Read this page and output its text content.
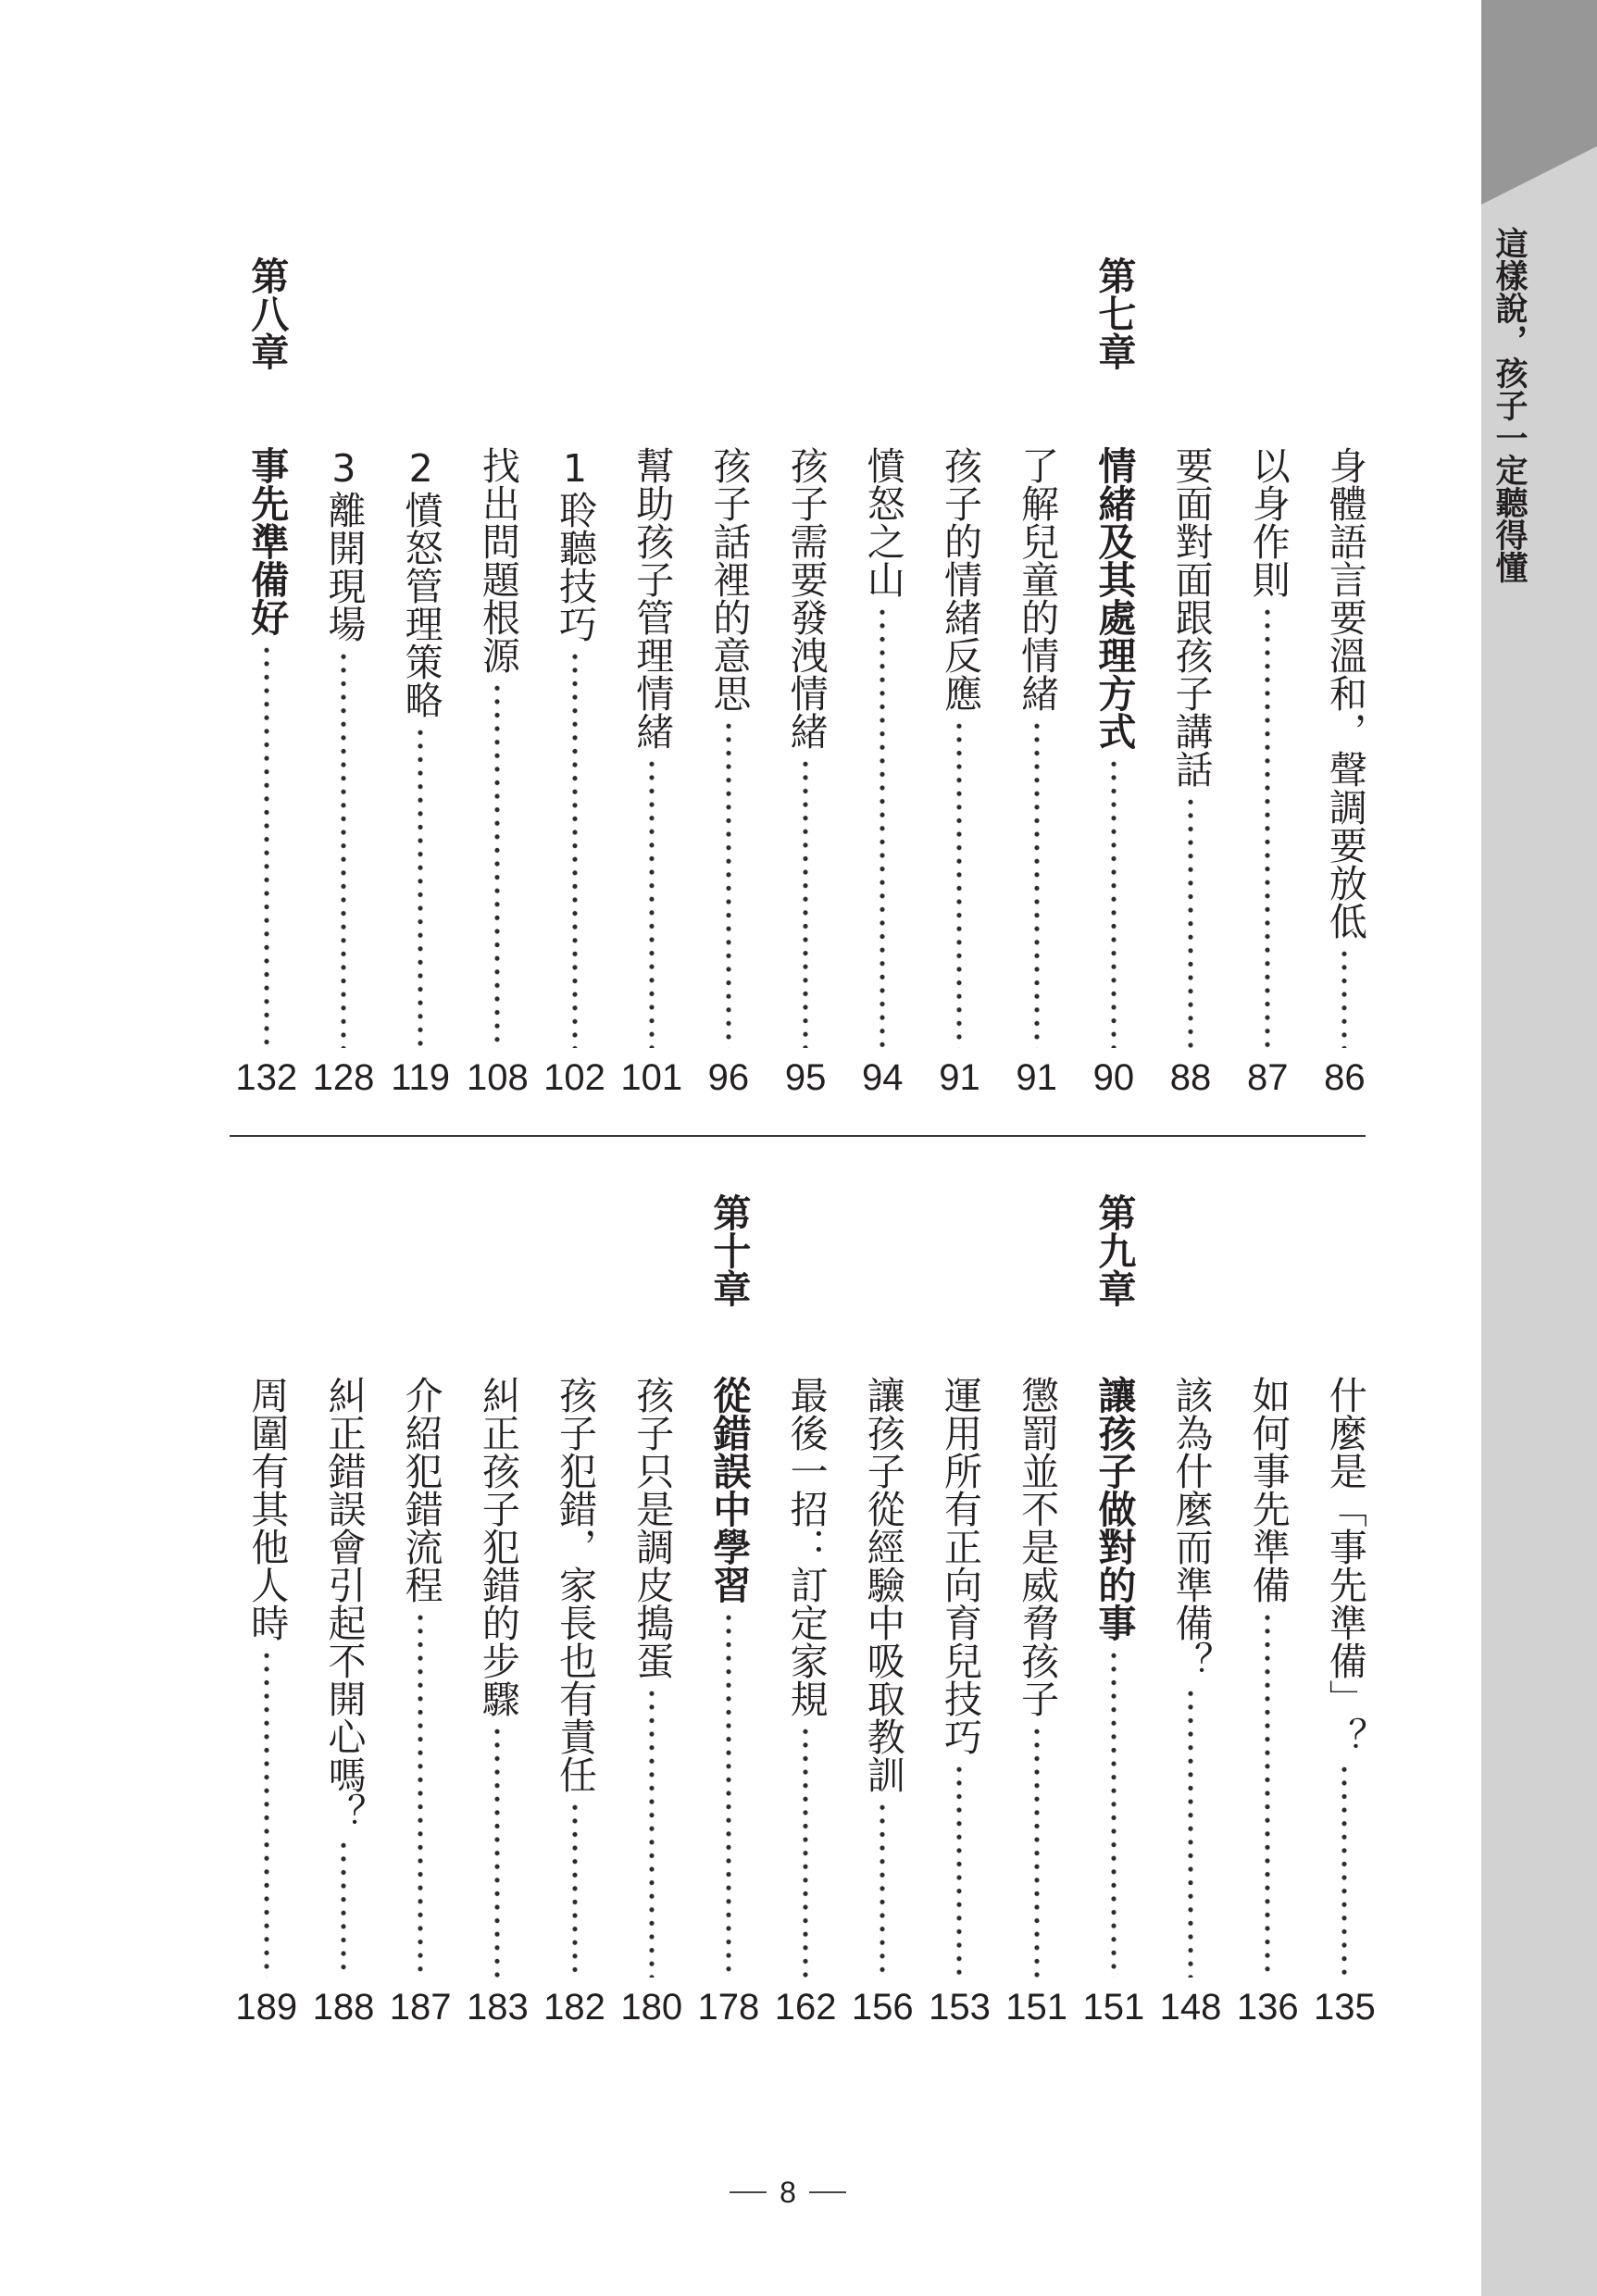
這樣說，孩子一定聽得懂
身體語言要溫和，聲調要放低
86
以身作則
87
要面對面跟孩子講話
88
第七章
情緒及其處理方式
90
了解兒童的情緒
91
孩子的情緒反應
91
憤怒之山
94
孩子需要發洩情緒
95
孩子話裡的意思
96
幫助孩子管理情緒
101
1聆聽技巧
102
找出問題根源
108
2憤怒管理策略
119
3離開現場
128
第八章
事先準備好
132
什麼是「事先準備」？
135
如何事先準備
136
該為什麼而準備？
148
第九章
讓孩子做對的事
151
懲罰並不是威脅孩子
151
運用所有正向育兒技巧
153
讓孩子從經驗中吸取教訓
156
最後一招：訂定家規
162
第十章
從錯誤中學習
178
孩子只是調皮搗蛋
180
孩子犯錯，家長也有責任
182
糾正孩子犯錯的步驟
183
介紹犯錯流程
187
糾正錯誤會引起不開心嗎？
188
周圍有其他人時
189
8
